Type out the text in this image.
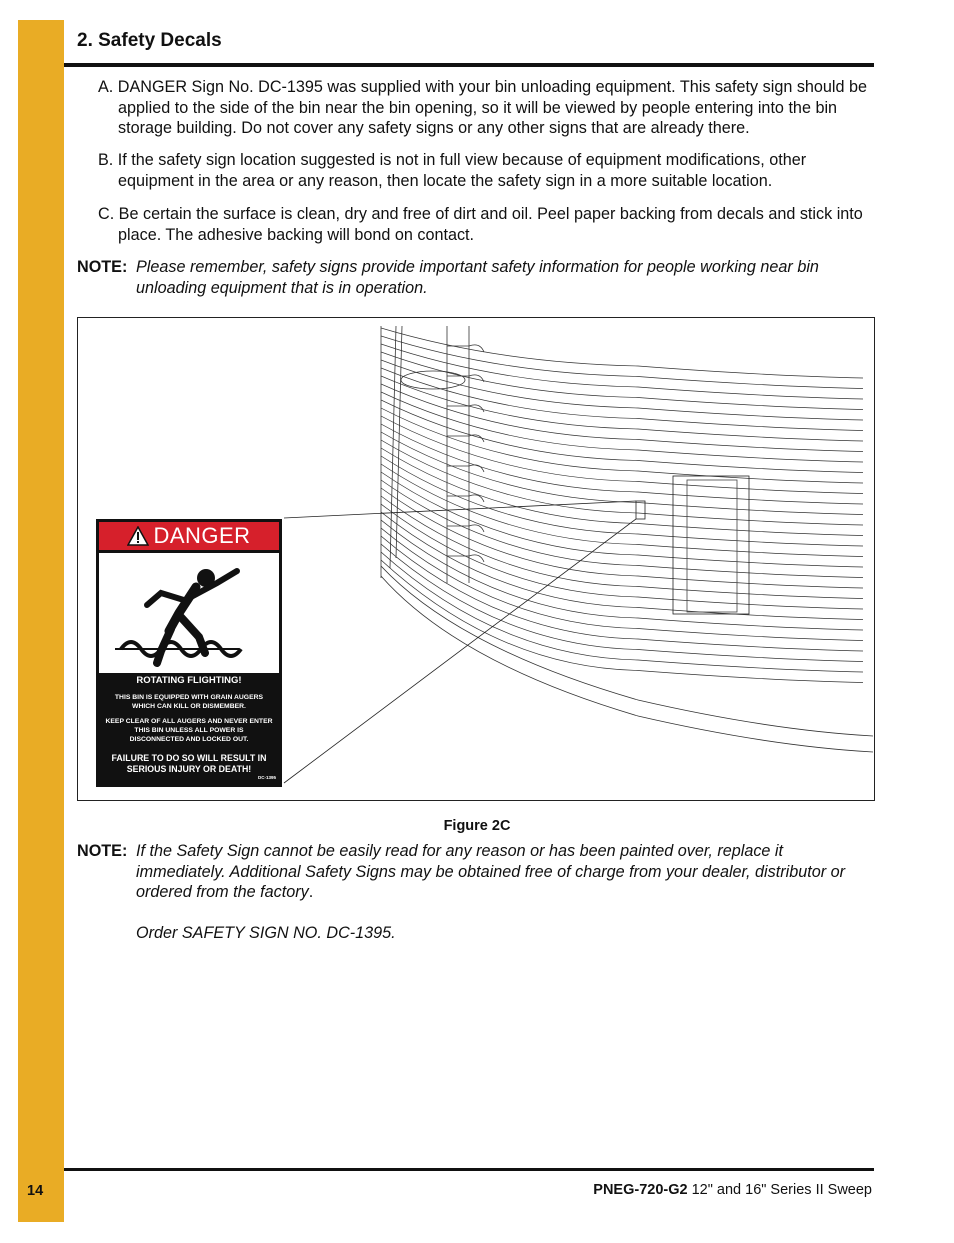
2. Safety Decals

A. DANGER Sign No. DC-1395 was supplied with your bin unloading equipment. This safety sign should be applied to the side of the bin near the bin opening, so it will be viewed by people entering into the bin storage building. Do not cover any safety signs or any other signs that are already there.

B. If the safety sign location suggested is not in full view because of equipment modifications, other equipment in the area or any reason, then locate the safety sign in a more suitable location.

C. Be certain the surface is clean, dry and free of dirt and oil. Peel paper backing from decals and stick into place. The adhesive backing will bond on contact.

NOTE: Please remember, safety signs provide important safety information for people working near bin unloading equipment that is in operation.

DANGER
ROTATING FLIGHTING!
THIS BIN IS EQUIPPED WITH GRAIN AUGERS
WHICH CAN KILL OR DISMEMBER.
KEEP CLEAR OF ALL AUGERS AND NEVER ENTER
THIS BIN UNLESS ALL POWER IS
DISCONNECTED AND LOCKED OUT.
FAILURE TO DO SO WILL RESULT IN
SERIOUS INJURY OR DEATH!
DC-1395
Figure 2C
NOTE: If the Safety Sign cannot be easily read for any reason or has been painted over, replace it immediately. Additional Safety Signs may be obtained free of charge from your dealer, distributor or ordered from the factory.

Order SAFETY SIGN NO. DC-1395.

14	PNEG-720-G2 12" and 16" Series II Sweep
